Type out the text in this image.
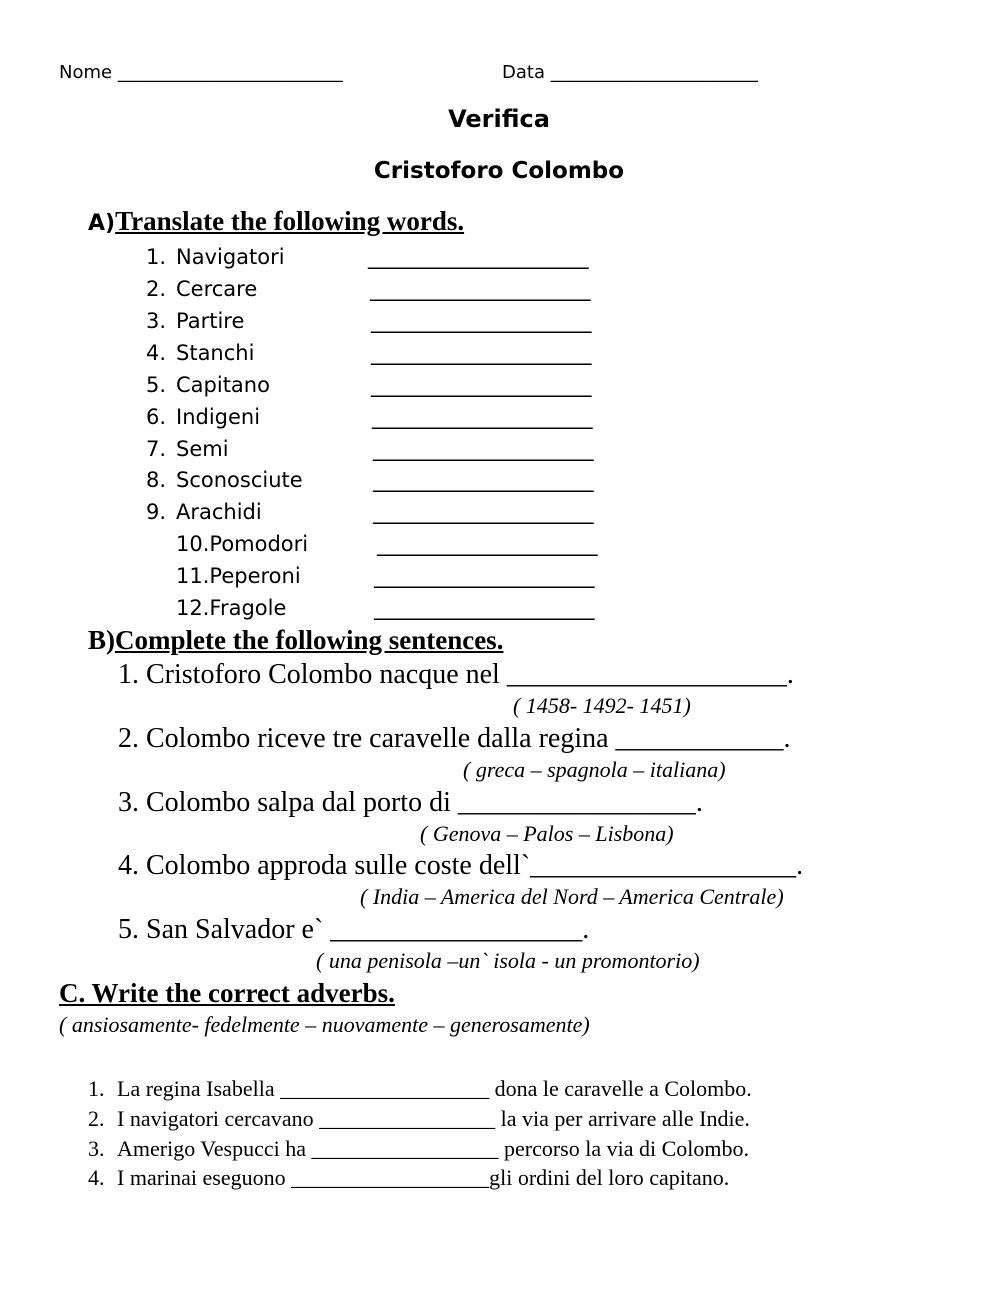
Nome _________________________	Data _______________________
Verifica
Cristoforo Colombo
A)Translate the following words.
1. Navigatori	_____________________
2. Cercare	_____________________
3. Partire	_____________________
4. Stanchi	_____________________
5. Capitano	_____________________
6. Indigeni	_____________________
7. Semi	_____________________
8. Sconosciute	_____________________
9. Arachidi	_____________________
10.Pomodori	_____________________
11.Peperoni	_____________________
12.Fragole	_____________________
B)Complete the following sentences.
1. Cristoforo Colombo nacque nel ____________________.
( 1458- 1492- 1451)
2. Colombo riceve tre caravelle dalla regina ____________.
( greca – spagnola – italiana)
3. Colombo salpa dal porto di _________________.
( Genova – Palos – Lisbona)
4. Colombo approda sulle coste dell`___________________.
( India – America del Nord – America Centrale)
5. San Salvador e` __________________.
( una penisola –un` isola - un promontorio)
C. Write the correct adverbs.
( ansiosamente- fedelmente – nuovamente – generosamente)
1. La regina Isabella ___________________ dona le caravelle a Colombo.
2. I navigatori cercavano ________________ la via per arrivare alle Indie.
3. Amerigo Vespucci ha _________________ percorso la via di Colombo.
4. I marinai eseguono __________________gli ordini del loro capitano.
